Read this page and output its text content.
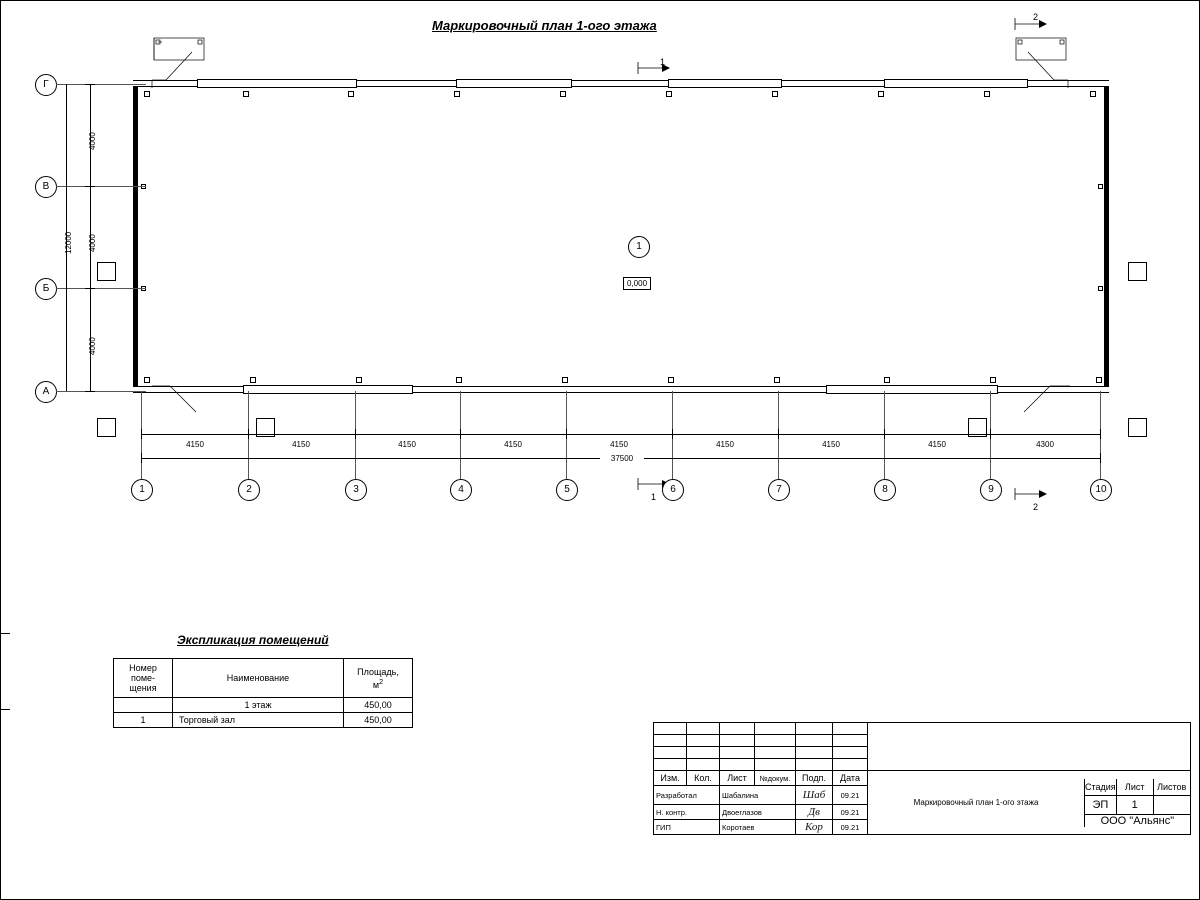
Маркировочный план 1-ого этажа
1
0,000
1
2
1
2
Г
В
Б
А
4000
4000
4000
12000
1	2	3	4	5	6	7	8	9	10
4150	4150	4150	4150	4150	4150	4150	4150	4300
37500
Экспликация помещений
Номер
поме-
щения	Наименование	Площадь,
$м^2$
	1 этаж	450,00
1	Торговый зал	450,00

Изм.	Кол.	Лист	№докум.	Подп.	Дата	
Маркировочный план 1-ого этажа
Стадия	Лист	Листов
ЭП	1
ООО "Альянс"

Разработал		Шабалина		Шаб	09.21	
Н. контр.		Двоеглазов		Дв	09.21	
ГИП		Коротаев		Кор	09.21	
